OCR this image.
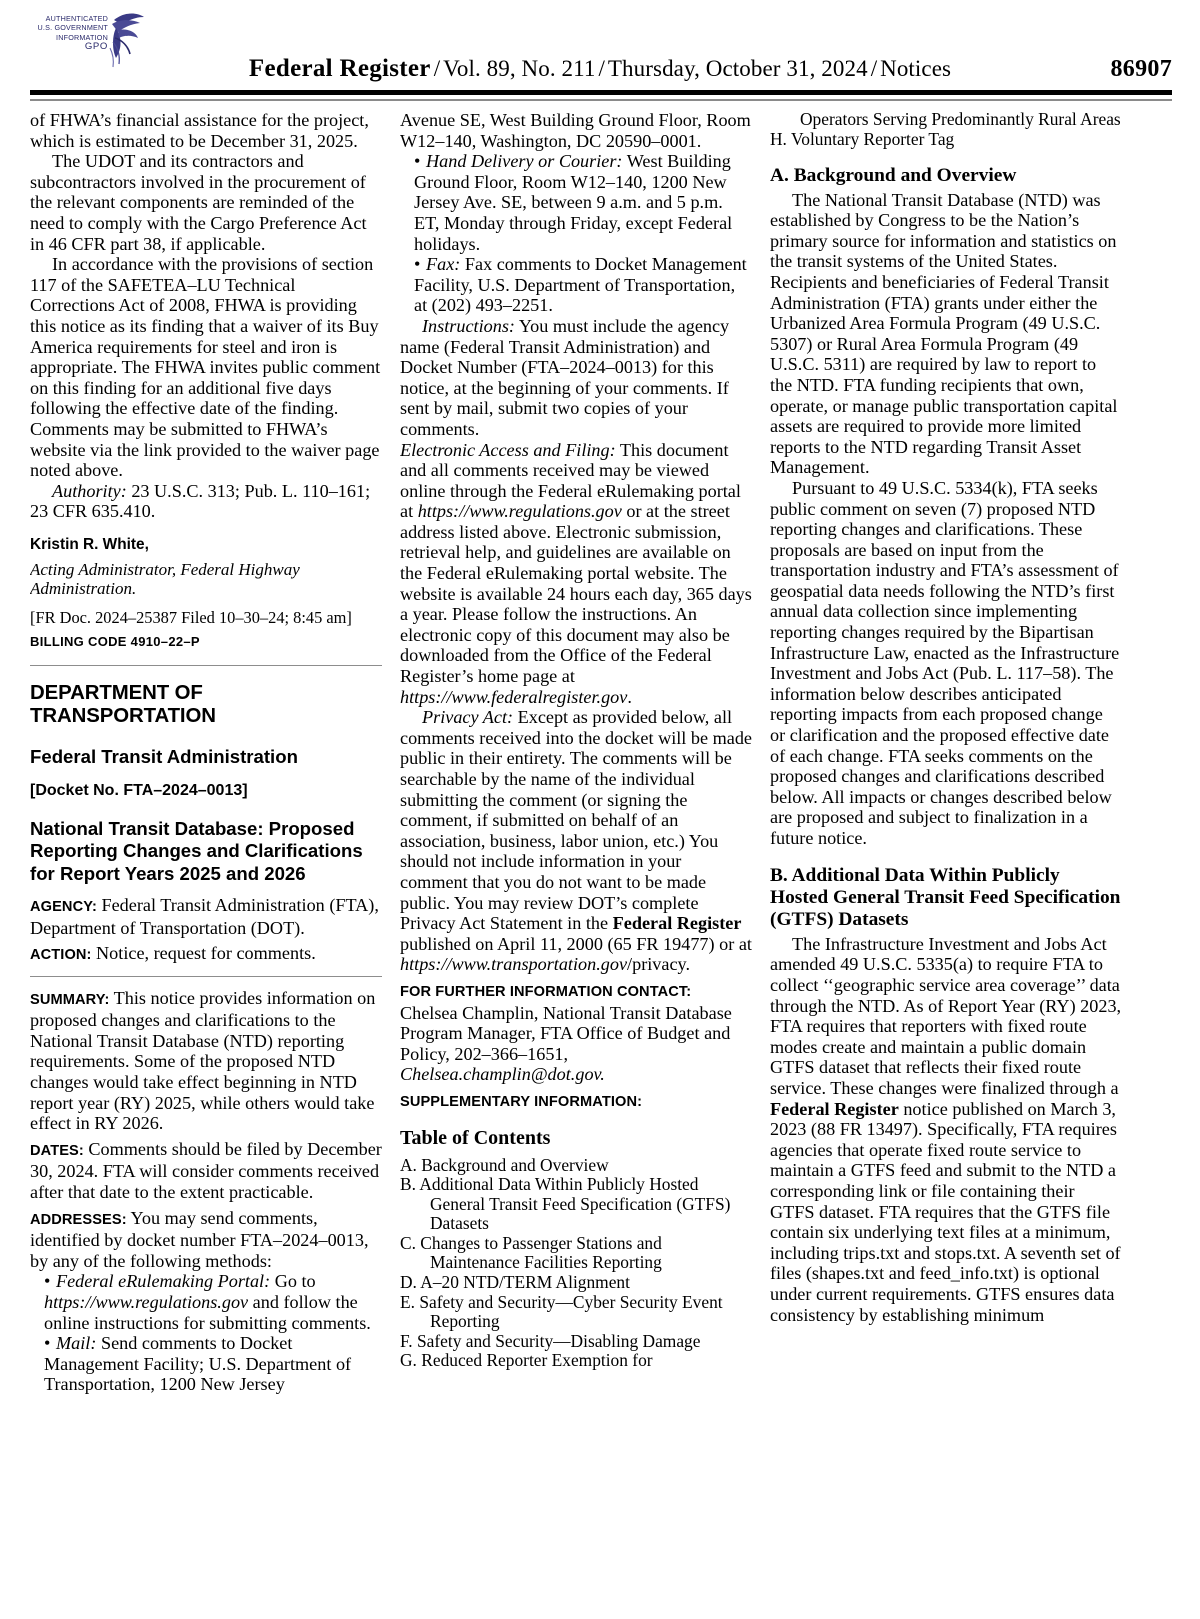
AUTHENTICATED
U.S. GOVERNMENT
INFORMATION
GPO
Federal Register / Vol. 89, No. 211 / Thursday, October 31, 2024 / Notices	86907

of FHWA’s financial assistance for the project, which is estimated to be December 31, 2025.

The UDOT and its contractors and subcontractors involved in the procurement of the relevant components are reminded of the need to comply with the Cargo Preference Act in 46 CFR part 38, if applicable.

In accordance with the provisions of section 117 of the SAFETEA–LU Technical Corrections Act of 2008, FHWA is providing this notice as its finding that a waiver of its Buy America requirements for steel and iron is appropriate. The FHWA invites public comment on this finding for an additional five days following the effective date of the finding. Comments may be submitted to FHWA’s website via the link provided to the waiver page noted above.

Authority: 23 U.S.C. 313; Pub. L. 110–161; 23 CFR 635.410.

Kristin R. White,

Acting Administrator, Federal Highway Administration.

[FR Doc. 2024–25387 Filed 10–30–24; 8:45 am]

BILLING CODE 4910–22–P

DEPARTMENT OF TRANSPORTATION

Federal Transit Administration

[Docket No. FTA–2024–0013]

National Transit Database: Proposed Reporting Changes and Clarifications for Report Years 2025 and 2026

AGENCY: Federal Transit Administration (FTA), Department of Transportation (DOT).

ACTION: Notice, request for comments.

SUMMARY: This notice provides information on proposed changes and clarifications to the National Transit Database (NTD) reporting requirements. Some of the proposed NTD changes would take effect beginning in NTD report year (RY) 2025, while others would take effect in RY 2026.

DATES: Comments should be filed by December 30, 2024. FTA will consider comments received after that date to the extent practicable.

ADDRESSES: You may send comments, identified by docket number FTA–2024–0013, by any of the following methods:

• Federal eRulemaking Portal: Go to https://www.regulations.gov and follow the online instructions for submitting comments.

• Mail: Send comments to Docket Management Facility; U.S. Department of Transportation, 1200 New Jersey

Avenue SE, West Building Ground Floor, Room W12–140, Washington, DC 20590–0001.

• Hand Delivery or Courier: West Building Ground Floor, Room W12–140, 1200 New Jersey Ave. SE, between 9 a.m. and 5 p.m. ET, Monday through Friday, except Federal holidays.

• Fax: Fax comments to Docket Management Facility, U.S. Department of Transportation, at (202) 493–2251.

Instructions: You must include the agency name (Federal Transit Administration) and Docket Number (FTA–2024–0013) for this notice, at the beginning of your comments. If sent by mail, submit two copies of your comments.

Electronic Access and Filing: This document and all comments received may be viewed online through the Federal eRulemaking portal at https://www.regulations.gov or at the street address listed above. Electronic submission, retrieval help, and guidelines are available on the Federal eRulemaking portal website. The website is available 24 hours each day, 365 days a year. Please follow the instructions. An electronic copy of this document may also be downloaded from the Office of the Federal Register’s home page at https://www.federalregister.gov.

Privacy Act: Except as provided below, all comments received into the docket will be made public in their entirety. The comments will be searchable by the name of the individual submitting the comment (or signing the comment, if submitted on behalf of an association, business, labor union, etc.) You should not include information in your comment that you do not want to be made public. You may review DOT’s complete Privacy Act Statement in the Federal Register published on April 11, 2000 (65 FR 19477) or at https://www.transportation.gov/privacy.

FOR FURTHER INFORMATION CONTACT: Chelsea Champlin, National Transit Database Program Manager, FTA Office of Budget and Policy, 202–366–1651, Chelsea.champlin@dot.gov.

SUPPLEMENTARY INFORMATION:

Table of Contents

A. Background and Overview
B. Additional Data Within Publicly Hosted General Transit Feed Specification (GTFS) Datasets
C. Changes to Passenger Stations and Maintenance Facilities Reporting
D. A–20 NTD/TERM Alignment
E. Safety and Security—Cyber Security Event Reporting
F. Safety and Security—Disabling Damage
G. Reduced Reporter Exemption for
Operators Serving Predominantly Rural Areas
H. Voluntary Reporter Tag

A. Background and Overview

The National Transit Database (NTD) was established by Congress to be the Nation’s primary source for information and statistics on the transit systems of the United States. Recipients and beneficiaries of Federal Transit Administration (FTA) grants under either the Urbanized Area Formula Program (49 U.S.C. 5307) or Rural Area Formula Program (49 U.S.C. 5311) are required by law to report to the NTD. FTA funding recipients that own, operate, or manage public transportation capital assets are required to provide more limited reports to the NTD regarding Transit Asset Management.

Pursuant to 49 U.S.C. 5334(k), FTA seeks public comment on seven (7) proposed NTD reporting changes and clarifications. These proposals are based on input from the transportation industry and FTA’s assessment of geospatial data needs following the NTD’s first annual data collection since implementing reporting changes required by the Bipartisan Infrastructure Law, enacted as the Infrastructure Investment and Jobs Act (Pub. L. 117–58). The information below describes anticipated reporting impacts from each proposed change or clarification and the proposed effective date of each change. FTA seeks comments on the proposed changes and clarifications described below. All impacts or changes described below are proposed and subject to finalization in a future notice.

B. Additional Data Within Publicly Hosted General Transit Feed Specification (GTFS) Datasets

The Infrastructure Investment and Jobs Act amended 49 U.S.C. 5335(a) to require FTA to collect ‘‘geographic service area coverage’’ data through the NTD. As of Report Year (RY) 2023, FTA requires that reporters with fixed route modes create and maintain a public domain GTFS dataset that reflects their fixed route service. These changes were finalized through a Federal Register notice published on March 3, 2023 (88 FR 13497). Specifically, FTA requires agencies that operate fixed route service to maintain a GTFS feed and submit to the NTD a corresponding link or file containing their GTFS dataset. FTA requires that the GTFS file contain six underlying text files at a minimum, including trips.txt and stops.txt. A seventh set of files (shapes.txt and feed_info.txt) is optional under current requirements. GTFS ensures data consistency by establishing minimum
